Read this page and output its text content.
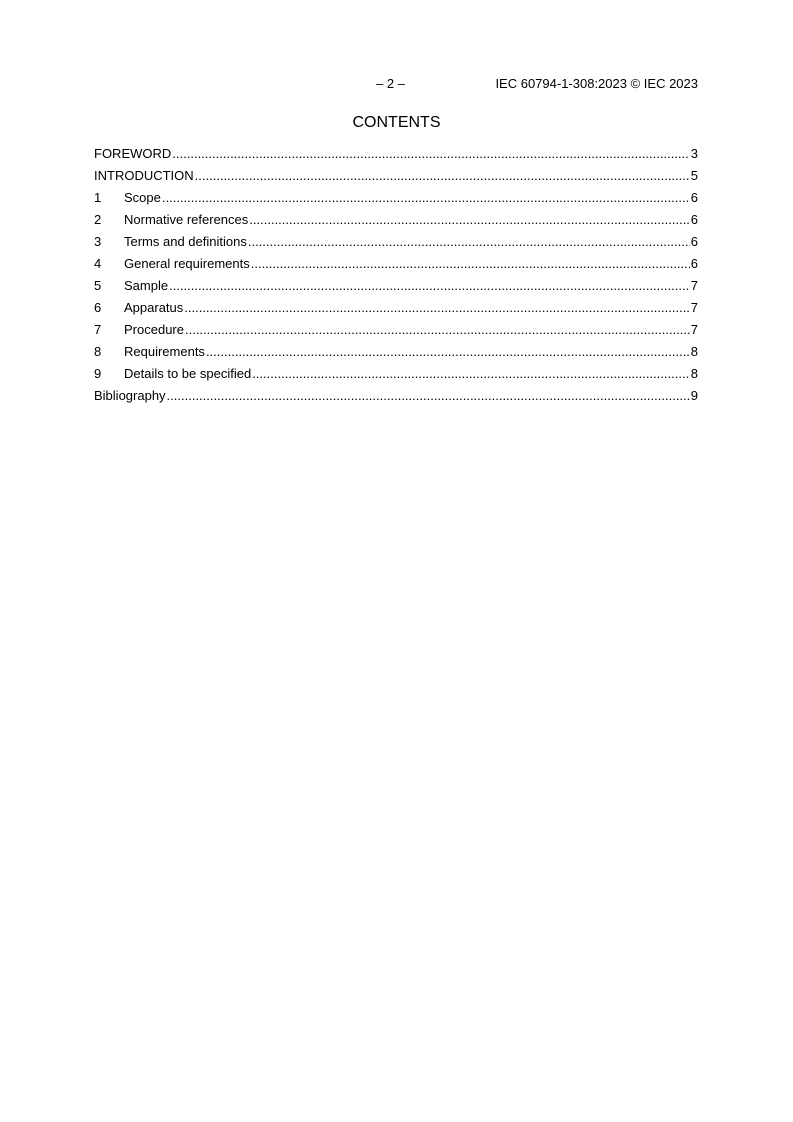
– 2 –	IEC 60794-1-308:2023 © IEC 2023
CONTENTS
FOREWORD .....	3
INTRODUCTION .....	5
1	Scope .....	6
2	Normative references .....	6
3	Terms and definitions .....	6
4	General requirements .....	6
5	Sample .....	7
6	Apparatus .....	7
7	Procedure .....	7
8	Requirements .....	8
9	Details to be specified .....	8
Bibliography .....	9
